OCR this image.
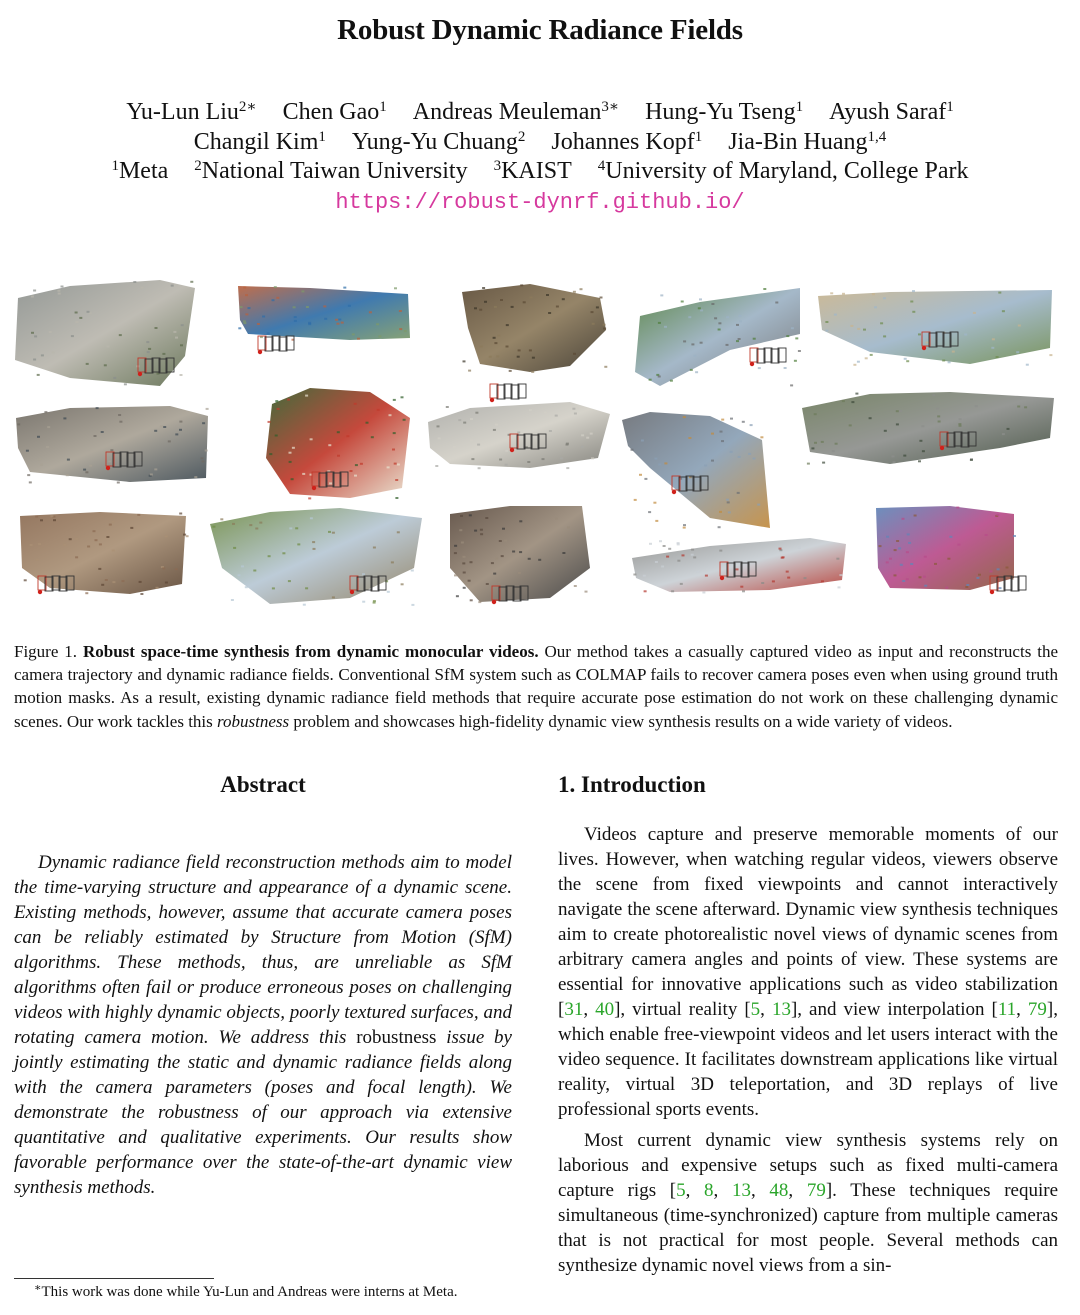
Robust Dynamic Radiance Fields
Yu-Lun Liu$^{2∗}$ Chen Gao$^1$ Andreas Meuleman$^{3∗}$ Hung-Yu Tseng$^1$ Ayush Saraf$^1$
Changil Kim$^1$ Yung-Yu Chuang$^2$ Johannes Kopf$^1$ Jia-Bin Huang$^{1,4}$
$^1$Meta $^2$National Taiwan University $^3$KAIST $^4$University of Maryland, College Park
https://robust-dynrf.github.io/
Figure 1. Robust space-time synthesis from dynamic monocular videos. Our method takes a casually captured video as input and reconstructs the camera trajectory and dynamic radiance fields. Conventional SfM system such as COLMAP fails to recover camera poses even when using ground truth motion masks. As a result, existing dynamic radiance field methods that require accurate pose estimation do not work on these challenging dynamic scenes. Our work tackles this robustness problem and showcases high-fidelity dynamic view synthesis results on a wide variety of videos.
Abstract

Dynamic radiance field reconstruction methods aim to model the time-varying structure and appearance of a dynamic scene. Existing methods, however, assume that accurate camera poses can be reliably estimated by Structure from Motion (SfM) algorithms. These methods, thus, are unreliable as SfM algorithms often fail or produce erroneous poses on challenging videos with highly dynamic objects, poorly textured surfaces, and rotating camera motion. We address this robustness issue by jointly estimating the static and dynamic radiance fields along with the camera parameters (poses and focal length). We demonstrate the robustness of our approach via extensive quantitative and qualitative experiments. Our results show favorable performance over the state-of-the-art dynamic view synthesis methods.

1. Introduction

Videos capture and preserve memorable moments of our lives. However, when watching regular videos, viewers observe the scene from fixed viewpoints and cannot interactively navigate the scene afterward. Dynamic view synthesis techniques aim to create photorealistic novel views of dynamic scenes from arbitrary camera angles and points of view. These systems are essential for innovative applications such as video stabilization [31, 40], virtual reality [5, 13], and view interpolation [11, 79], which enable free-viewpoint videos and let users interact with the video sequence. It facilitates downstream applications like virtual reality, virtual 3D teleportation, and 3D replays of live professional sports events.

Most current dynamic view synthesis systems rely on laborious and expensive setups such as fixed multi-camera capture rigs [5, 8, 13, 48, 79]. These techniques require simultaneous (time-synchronized) capture from multiple cameras that is not practical for most people. Several methods can synthesize dynamic novel views from a sin-

∗This work was done while Yu-Lun and Andreas were interns at Meta.
